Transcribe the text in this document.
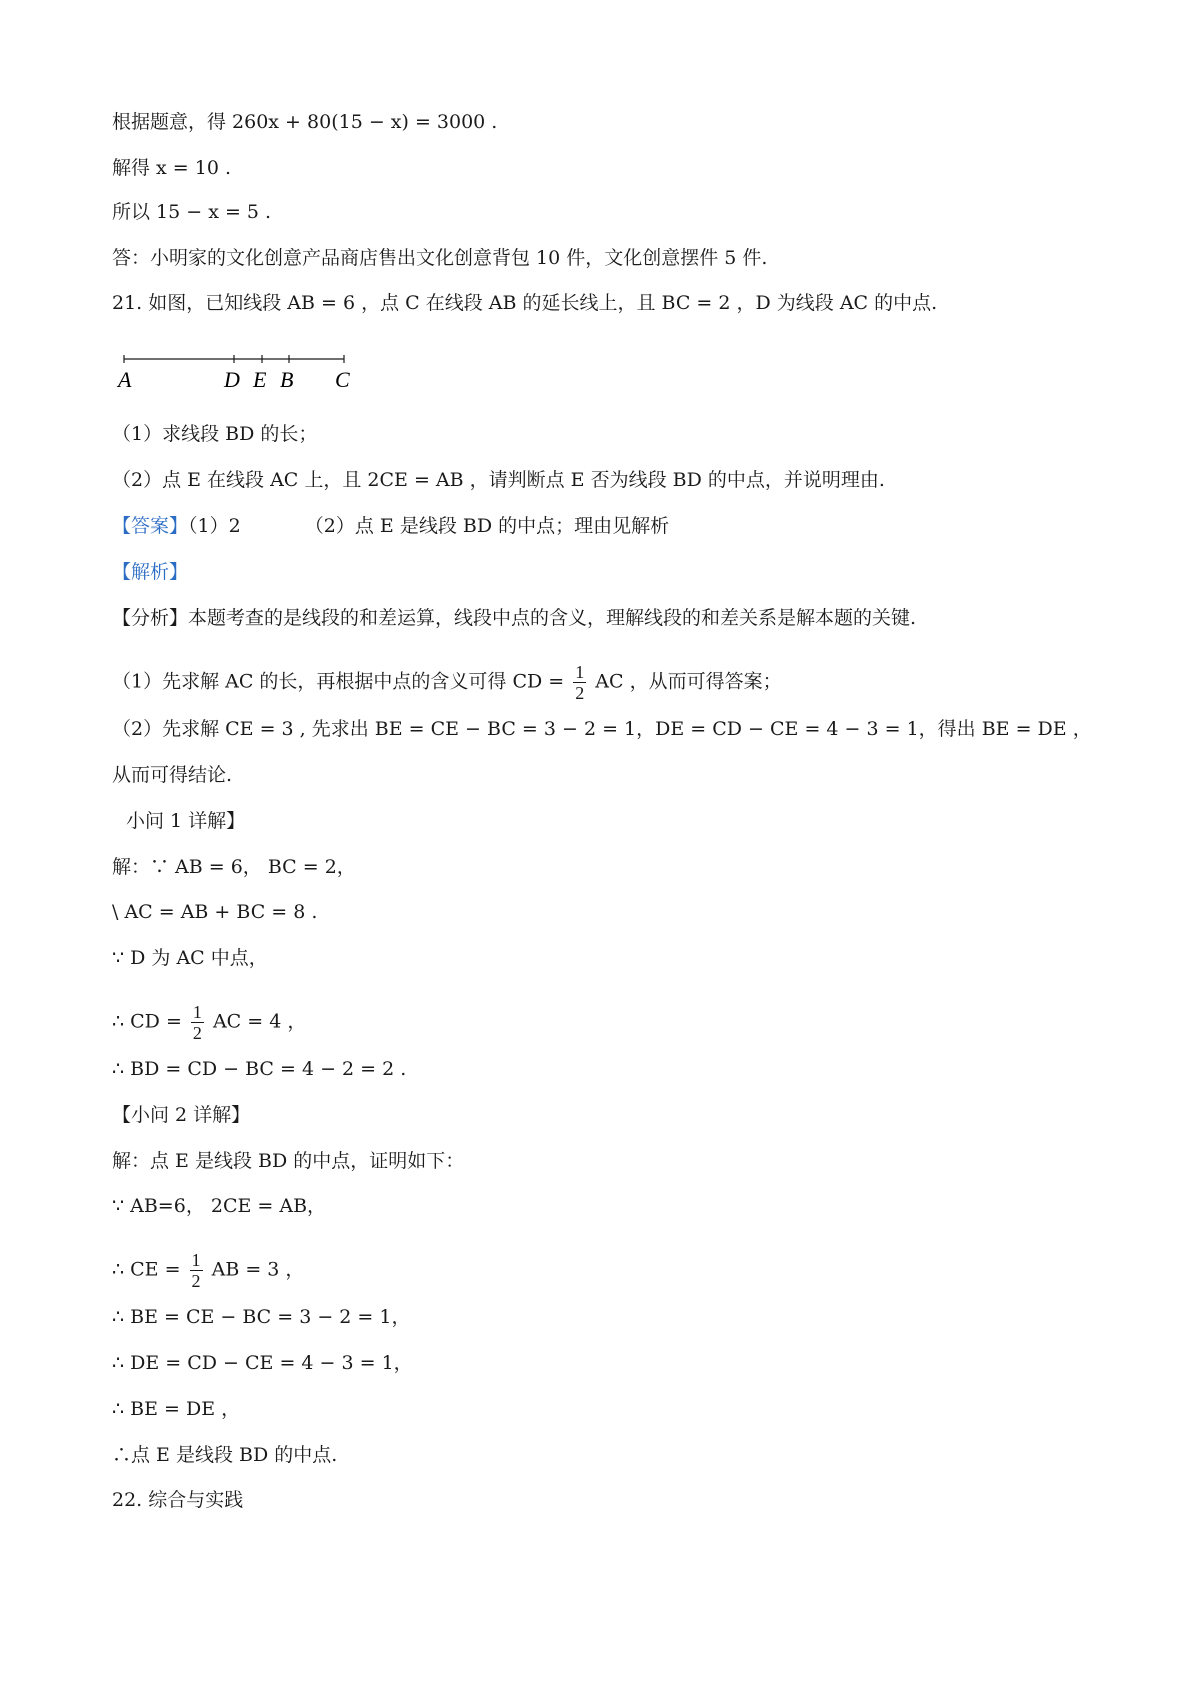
根据题意，得 260x + 80(15 − x) = 3000 .
解得 x = 10 .
所以 15 − x = 5 .
答：小明家的文化创意产品商店售出文化创意背包 10 件，文化创意摆件 5 件.
21. 如图，已知线段 AB = 6 ，点 C 在线段 AB 的延长线上，且 BC = 2 ，D 为线段 AC 的中点.
A	D E B C
（1）求线段 BD 的长；
（2）点 E 在线段 AC 上，且 2CE = AB ，请判断点 E 否为线段 BD 的中点，并说明理由.
【答案】（1）2	（2）点 E 是线段 BD 的中点；理由见解析
【解析】
【分析】本题考查的是线段的和差运算，线段中点的含义，理解线段的和差关系是解本题的关键.
（1）先求解 AC 的长，再根据中点的含义可得 CD = $\frac{1}{2}$ AC ，从而可得答案；
（2）先求解 CE = 3 , 先求出 BE = CE − BC = 3 − 2 = 1，DE = CD − CE = 4 − 3 = 1，得出 BE = DE ，
从而可得结论.
小问 1 详解】
解：∵ AB = 6， BC = 2，
\ AC = AB + BC = 8 .
∵ D 为 AC 中点，
∴ CD = $\frac{1}{2}$ AC = 4 ，
∴ BD = CD − BC = 4 − 2 = 2 .
【小问 2 详解】
解：点 E 是线段 BD 的中点，证明如下：
∵ AB=6， 2CE = AB，
∴ CE = $\frac{1}{2}$ AB = 3 ，
∴ BE = CE − BC = 3 − 2 = 1，
∴ DE = CD − CE = 4 − 3 = 1，
∴ BE = DE ，
∴点 E 是线段 BD 的中点.
22. 综合与实践
